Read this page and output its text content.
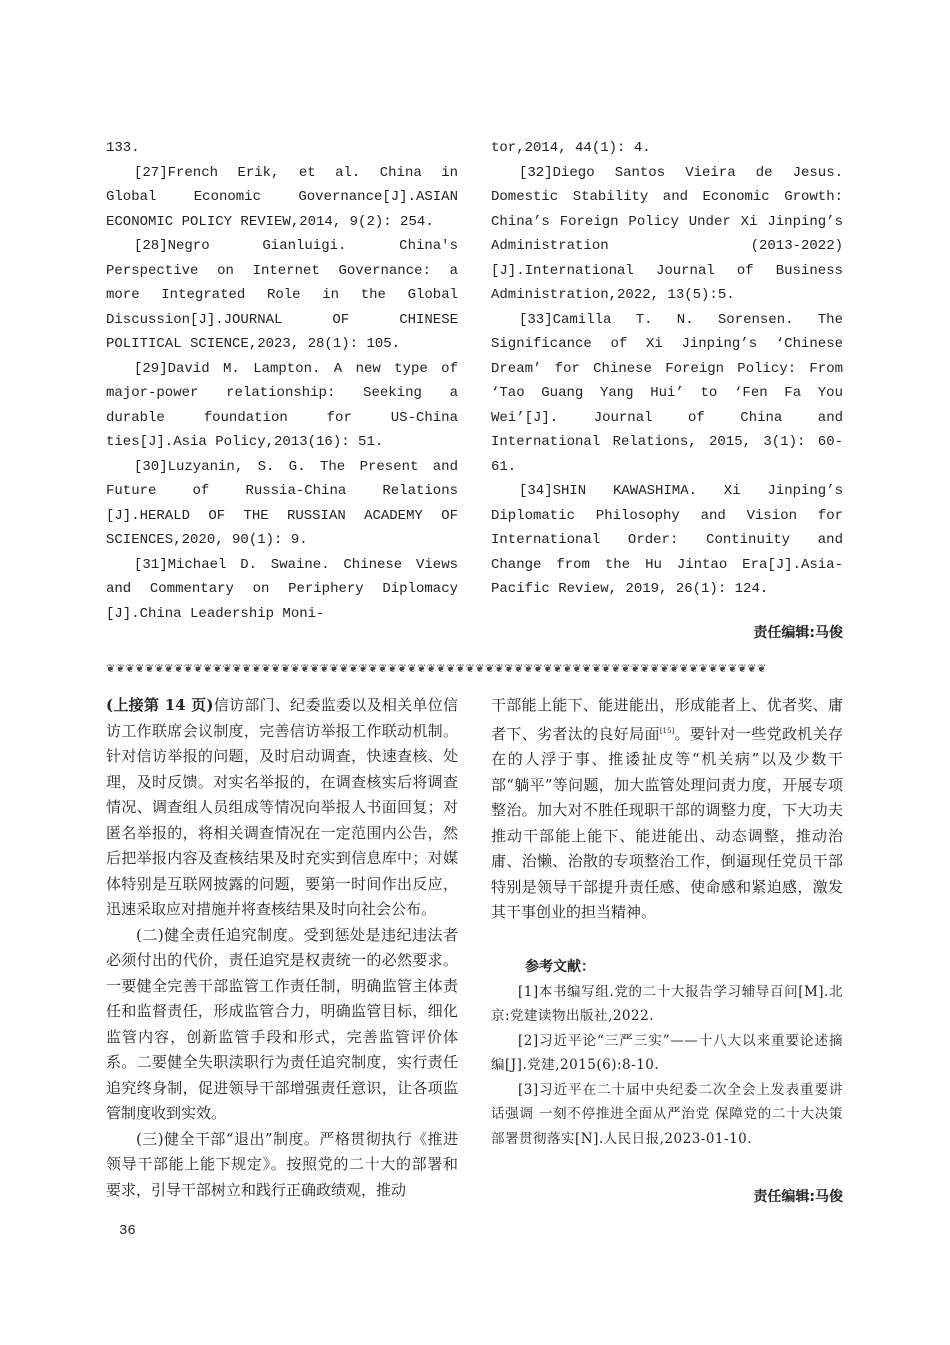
133.

[27]French Erik, et al. China in Global Economic Governance[J].ASIAN ECONOMIC POLICY REVIEW,2014, 9(2): 254.

[28]Negro Gianluigi. China's Perspective on Internet Governance: a more Integrated Role in the Global Discussion[J].JOURNAL OF CHINESE POLITICAL SCIENCE,2023, 28(1): 105.

[29]David M. Lampton. A new type of major-power relationship: Seeking a durable foundation for US-China ties[J].Asia Policy,2013(16): 51.

[30]Luzyanin, S. G. The Present and Future of Russia-China Relations [J].HERALD OF THE RUSSIAN ACADEMY OF SCIENCES,2020, 90(1): 9.

[31]Michael D. Swaine. Chinese Views and Commentary on Periphery Diplomacy [J].China Leadership Moni-

tor,2014, 44(1): 4.

[32]Diego Santos Vieira de Jesus. Domestic Stability and Economic Growth: China’s Foreign Policy Under Xi Jinping’s Administration (2013-2022) [J].International Journal of Business Administration,2022, 13(5):5.

[33]Camilla T. N. Sorensen. The Significance of Xi Jinping’s ‘Chinese Dream’ for Chinese Foreign Policy: From ‘Tao Guang Yang Hui’ to ‘Fen Fa You Wei’[J]. Journal of China and International Relations, 2015, 3(1): 60-61.

[34]SHIN KAWASHIMA. Xi Jinping’s Diplomatic Philosophy and Vision for International Order: Continuity and Change from the Hu Jintao Era[J].Asia-Pacific Review, 2019, 26(1): 124.

责任编辑:马俊
❦❦❦❦❦❦❦❦❦❦❦❦❦❦❦❦❦❦❦❦❦❦❦❦❦❦❦❦❦❦❦❦❦❦❦❦❦❦❦❦❦❦❦❦❦❦❦❦❦❦❦❦❦❦❦❦❦❦❦❦❦❦❦❦❦❦❦❦

(上接第 14 页)信访部门、纪委监委以及相关单位信访工作联席会议制度，完善信访举报工作联动机制。针对信访举报的问题，及时启动调查，快速查核、处理，及时反馈。对实名举报的，在调查核实后将调查情况、调查组人员组成等情况向举报人书面回复；对匿名举报的，将相关调查情况在一定范围内公告，然后把举报内容及查核结果及时充实到信息库中；对媒体特别是互联网披露的问题，要第一时间作出反应，迅速采取应对措施并将查核结果及时向社会公布。

(二)健全责任追究制度。受到惩处是违纪违法者必须付出的代价，责任追究是权责统一的必然要求。一要健全完善干部监管工作责任制，明确监管主体责任和监督责任，形成监管合力，明确监管目标，细化监管内容，创新监管手段和形式，完善监管评价体系。二要健全失职渎职行为责任追究制度，实行责任追究终身制，促进领导干部增强责任意识，让各项监管制度收到实效。

(三)健全干部“退出”制度。严格贯彻执行《推进领导干部能上能下规定》。按照党的二十大的部署和要求，引导干部树立和践行正确政绩观，推动

干部能上能下、能进能出，形成能者上、优者奖、庸者下、劣者汰的良好局面[15]。要针对一些党政机关存在的人浮于事、推诿扯皮等“机关病”以及少数干部“躺平”等问题，加大监管处理问责力度，开展专项整治。加大对不胜任现职干部的调整力度，下大功夫推动干部能上能下、能进能出、动态调整，推动治庸、治懒、治散的专项整治工作，倒逼现任党员干部特别是领导干部提升责任感、使命感和紧迫感，激发其干事创业的担当精神。

参考文献：

[1]本书编写组.党的二十大报告学习辅导百问[M].北京:党建读物出版社,2022.

[2]习近平论“三严三实”——十八大以来重要论述摘编[J].党建,2015(6):8-10.

[3]习近平在二十届中央纪委二次全会上发表重要讲话强调 一刻不停推进全面从严治党 保障党的二十大决策部署贯彻落实[N].人民日报,2023-01-10.

责任编辑:马俊
36
